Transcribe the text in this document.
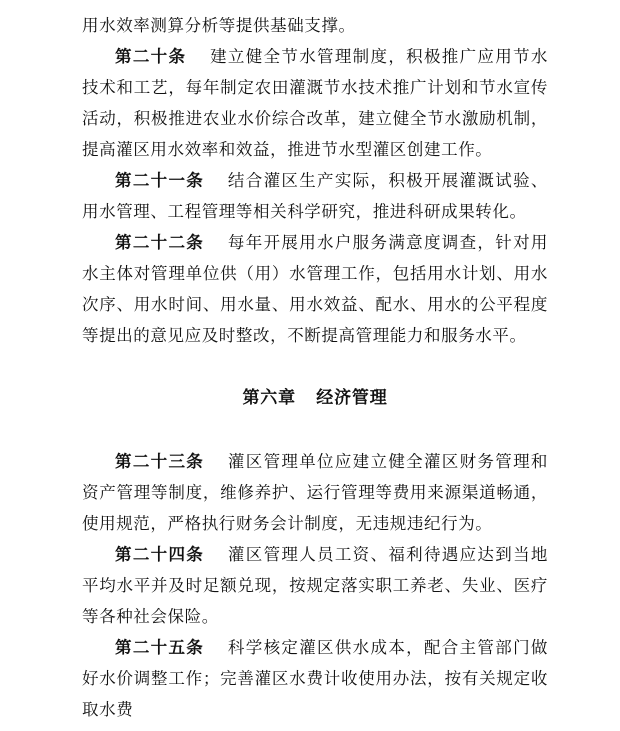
用水效率测算分析等提供基础支撑。

第二十条 建立健全节水管理制度，积极推广应用节水技术和工艺，每年制定农田灌溉节水技术推广计划和节水宣传活动，积极推进农业水价综合改革，建立健全节水激励机制，提高灌区用水效率和效益，推进节水型灌区创建工作。

第二十一条 结合灌区生产实际，积极开展灌溉试验、用水管理、工程管理等相关科学研究，推进科研成果转化。

第二十二条 每年开展用水户服务满意度调查，针对用水主体对管理单位供（用）水管理工作，包括用水计划、用水次序、用水时间、用水量、用水效益、配水、用水的公平程度等提出的意见应及时整改，不断提高管理能力和服务水平。

第六章 经济管理

第二十三条 灌区管理单位应建立健全灌区财务管理和资产管理等制度，维修养护、运行管理等费用来源渠道畅通，使用规范，严格执行财务会计制度，无违规违纪行为。

第二十四条 灌区管理人员工资、福利待遇应达到当地平均水平并及时足额兑现，按规定落实职工养老、失业、医疗等各种社会保险。

第二十五条 科学核定灌区供水成本，配合主管部门做好水价调整工作；完善灌区水费计收使用办法，按有关规定收取水费
